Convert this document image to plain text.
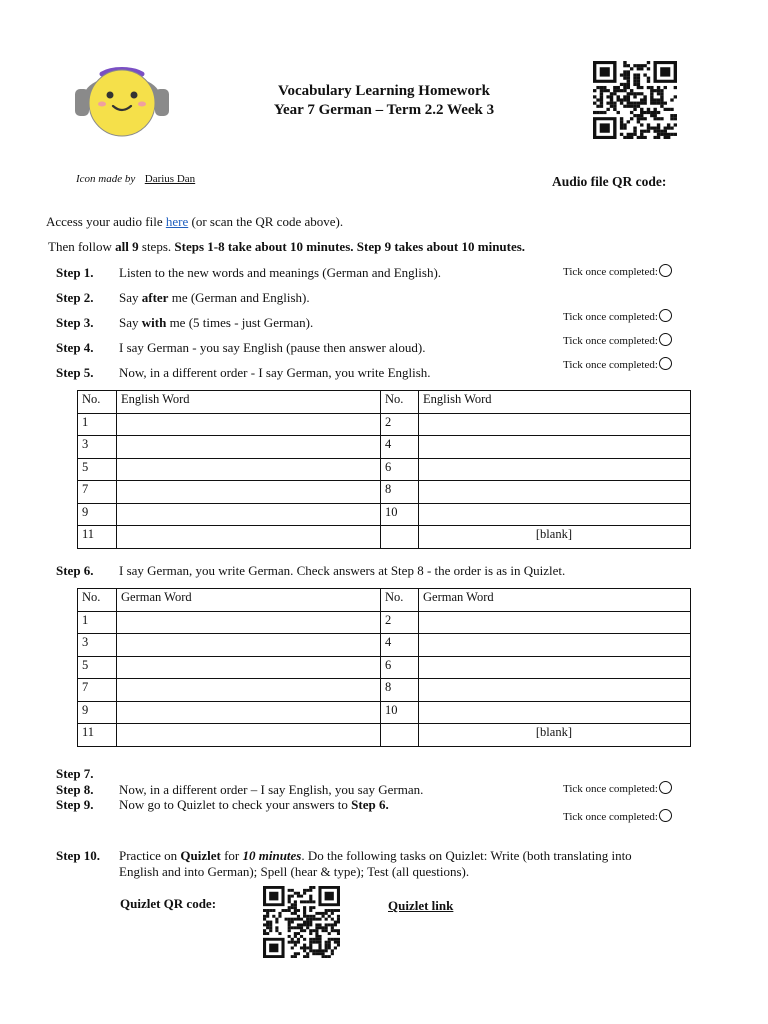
Vocabulary Learning Homework
Year 7 German – Term 2.2 Week 3
Icon made by Darius Dan	Audio file QR code:
Access your audio file here (or scan the QR code above).
Then follow all 9 steps. Steps 1-8 take about 10 minutes. Step 9 takes about 10 minutes.
Step 1. Listen to the new words and meanings (German and English).	Tick once completed:
Step 2. Say after me (German and English).
Step 3. Say with me (5 times - just German).	Tick once completed:
Step 4. I say German - you say English (pause then answer aloud).	Tick once completed:
Step 5. Now, in a different order - I say German, you write English.	Tick once completed:
No.	English Word	No.	English Word
1		2	
3		4	
5		6	
7		8	
9		10	
11			[blank]
Step 6. I say German, you write German. Check answers at Step 8 - the order is as in Quizlet.
No.	German Word	No.	German Word
1		2	
3		4	
5		6	
7		8	
9		10	
11			[blank]
Step 7.
Step 8. Now, in a different order – I say English, you say German.	Tick once completed:
Step 9. Now go to Quizlet to check your answers to Step 6.
Tick once completed:
Step 10. Practice on Quizlet for 10 minutes. Do the following tasks on Quizlet: Write (both translating into
English and into German); Spell (hear & type); Test (all questions).
Quizlet QR code:	Quizlet link
